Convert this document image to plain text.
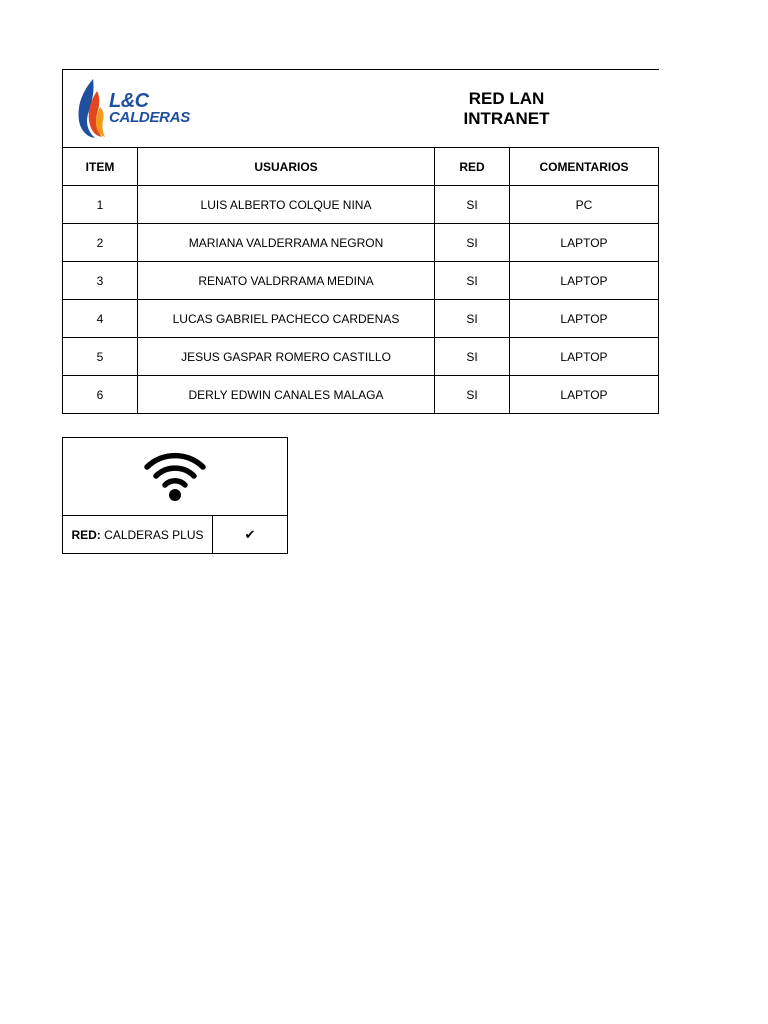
L&C
CALDERAS		RED LAN INTRANET	
ITEM	USUARIOS	RED	COMENTARIOS
1	LUIS ALBERTO COLQUE NINA	SI	PC
2	MARIANA VALDERRAMA NEGRON	SI	LAPTOP
3	RENATO VALDRRAMA MEDINA	SI	LAPTOP
4	LUCAS GABRIEL PACHECO CARDENAS	SI	LAPTOP
5	JESUS GASPAR ROMERO CASTILLO	SI	LAPTOP
6	DERLY EDWIN CANALES MALAGA	SI	LAPTOP

RED: CALDERAS PLUS	✔
